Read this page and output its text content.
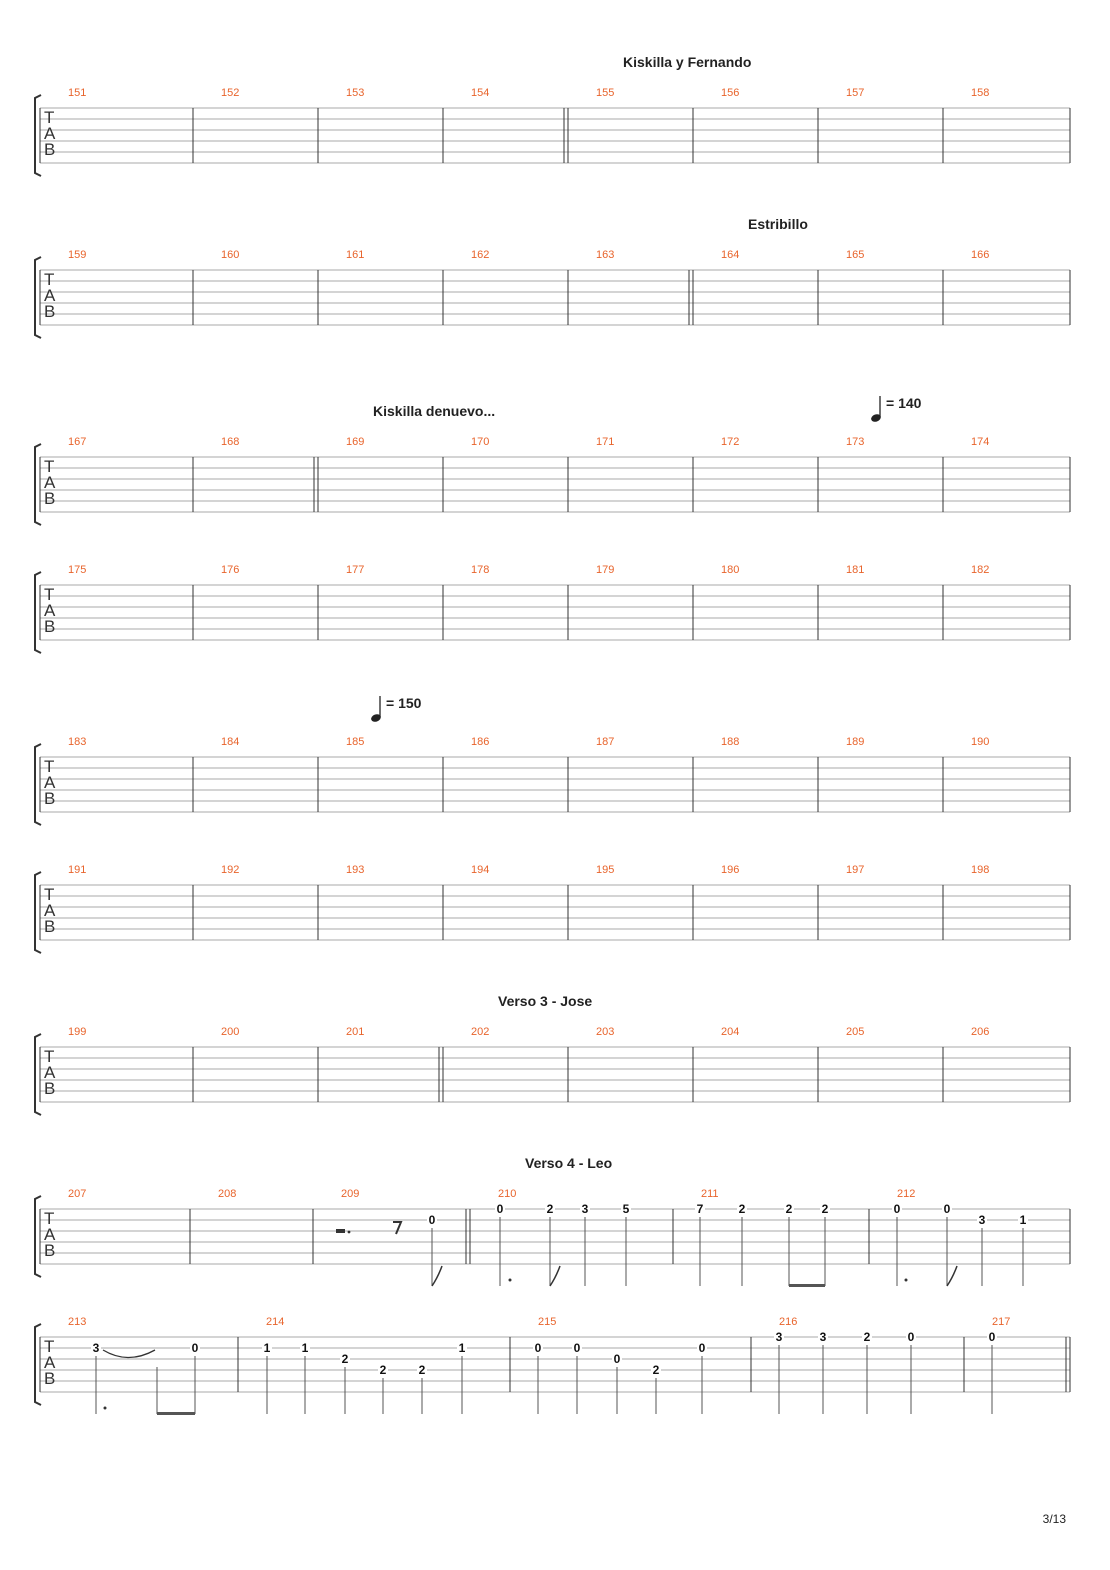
T
A
B
151	152	153	154	155	156	157	158
Kiskilla y Fernando
T
A
B
159	160	161	162	163	164	165	166
Estribillo
T
A
B
167	168	169	170	171	172	173	174
Kiskilla denuevo...	= 140
T
A
B
175	176	177	178	179	180	181	182
T
A
B
183	184	185	186	187	188	189	190
= 150
T
A
B
191	192	193	194	195	196	197	198
T
A
B
199	200	201	202	203	204	205	206
Verso 3 - Jose
T
A
B
207	208	209	210	211	212
Verso 4 - Leo
0
0	2 3	5	7	2	2 2	0	0
3	1
T
A
B
213	214	215	216	217
3	0	1	1
2
2	2
1	0	0
0
2
0
3	3	2	0	0
3/13
